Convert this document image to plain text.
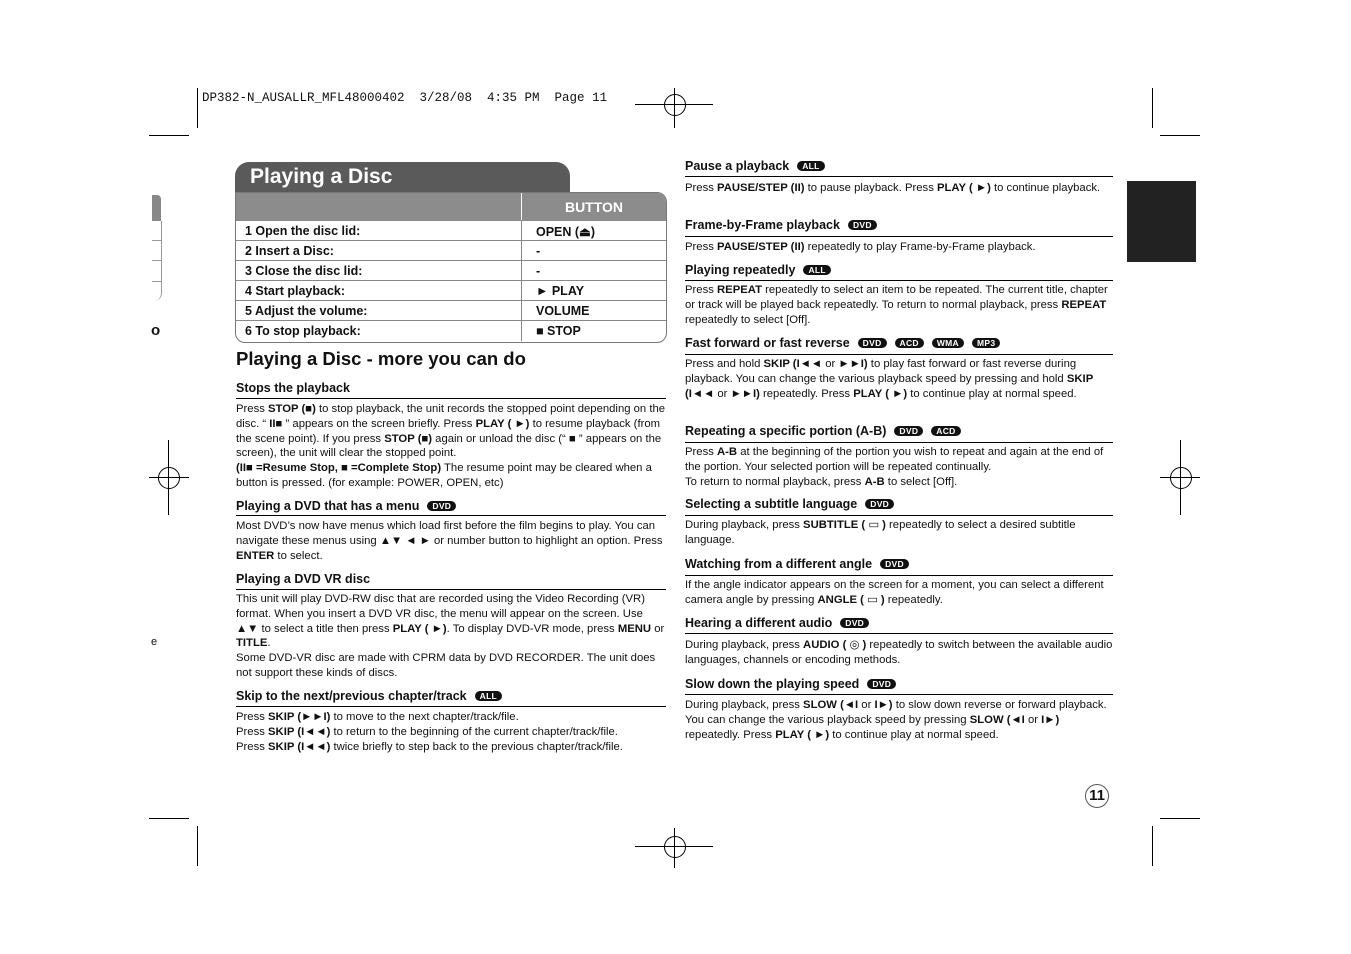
o
e
DP382-N_AUSALLR_MFL48000402  3/28/08  4:35 PM  Page 11
Playing a Disc
BUTTON
1 Open the disc lid:	OPEN (⏏)
2 Insert a Disc:	-
3 Close the disc lid:	-
4 Start playback:	► PLAY
5 Adjust the volume:	VOLUME
6 To stop playback:	■ STOP
Playing a Disc - more you can do
Stops the playback
Press STOP (■) to stop playback, the unit records the stopped point depending on the disc. “ II■ ” appears on the screen briefly. Press PLAY ( ►) to resume playback (from the scene point). If you press STOP (■) again or unload the disc (“ ■ ” appears on the screen), the unit will clear the stopped point.
(II■ =Resume Stop, ■ =Complete Stop) The resume point may be cleared when a button is pressed. (for example: POWER, OPEN, etc)
Playing a DVD that has a menu DVD
Most DVD’s now have menus which load first before the film begins to play. You can navigate these menus using ▲▼ ◄ ► or number button to highlight an option. Press ENTER to select.
Playing a DVD VR disc
This unit will play DVD-RW disc that are recorded using the Video Recording (VR) format. When you insert a DVD VR disc, the menu will appear on the screen. Use ▲▼ to select a title then press PLAY ( ►). To display DVD-VR mode, press MENU or TITLE.
Some DVD-VR disc are made with CPRM data by DVD RECORDER. The unit does not support these kinds of discs.
Skip to the next/previous chapter/track ALL
Press SKIP (►►I) to move to the next chapter/track/file.
Press SKIP (I◄◄) to return to the beginning of the current chapter/track/file.
Press SKIP (I◄◄) twice briefly to step back to the previous chapter/track/file.
Pause a playback ALL
Press PAUSE/STEP (II) to pause playback. Press PLAY ( ►) to continue playback.
Frame-by-Frame playback DVD
Press PAUSE/STEP (II) repeatedly to play Frame-by-Frame playback.
Playing repeatedly ALL
Press REPEAT repeatedly to select an item to be repeated. The current title, chapter or track will be played back repeatedly. To return to normal playback, press REPEAT repeatedly to select [Off].
Fast forward or fast reverse DVD ACD WMA MP3
Press and hold SKIP (I◄◄ or ►►I) to play fast forward or fast reverse during playback. You can change the various playback speed by pressing and hold SKIP (I◄◄ or ►►I) repeatedly. Press PLAY ( ►) to continue play at normal speed.
Repeating a specific portion (A-B) DVD ACD
Press A-B at the beginning of the portion you wish to repeat and again at the end of the portion. Your selected portion will be repeated continually.
To return to normal playback, press A-B to select [Off].
Selecting a subtitle language DVD
During playback, press SUBTITLE ( ▭ ) repeatedly to select a desired subtitle language.
Watching from a different angle DVD
If the angle indicator appears on the screen for a moment, you can select a different camera angle by pressing ANGLE ( ▭ ) repeatedly.
Hearing a different audio DVD
During playback, press AUDIO ( ◎ ) repeatedly to switch between the available audio languages, channels or encoding methods.
Slow down the playing speed DVD
During playback, press SLOW (◄I or I►) to slow down reverse or forward playback. You can change the various playback speed by pressing SLOW (◄I or I►) repeatedly. Press PLAY ( ►) to continue play at normal speed.
11
